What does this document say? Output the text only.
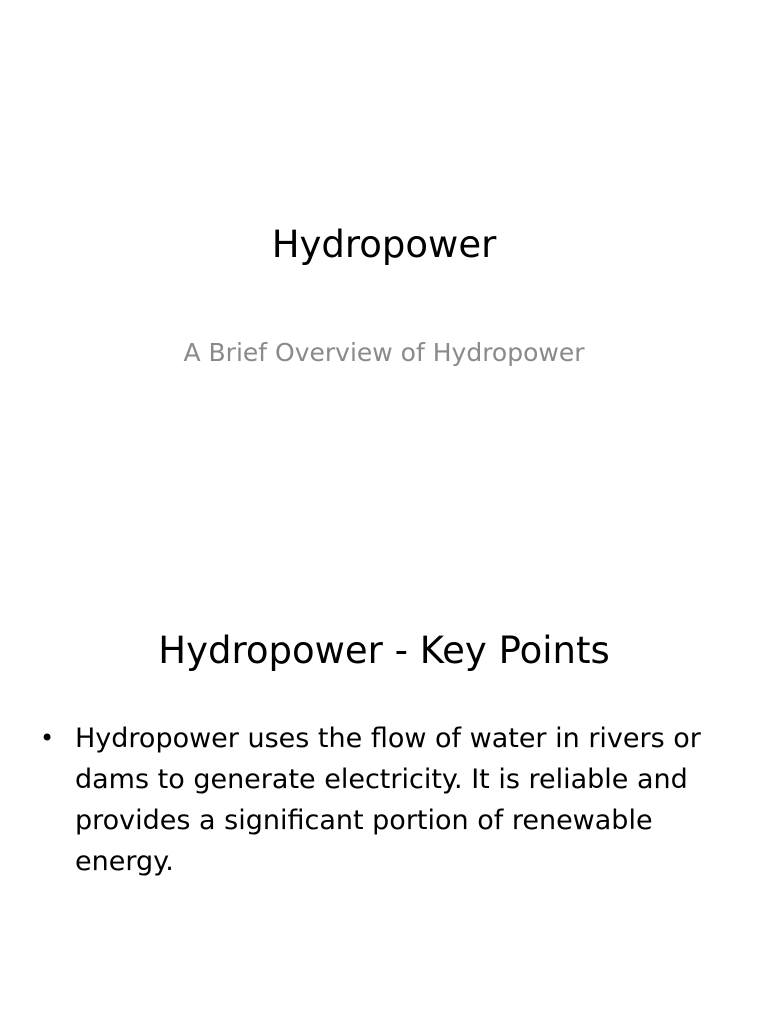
Hydropower
A Brief Overview of Hydropower
Hydropower - Key Points
• Hydropower uses the flow of water in rivers or dams to generate electricity. It is reliable and provides a significant portion of renewable energy.
